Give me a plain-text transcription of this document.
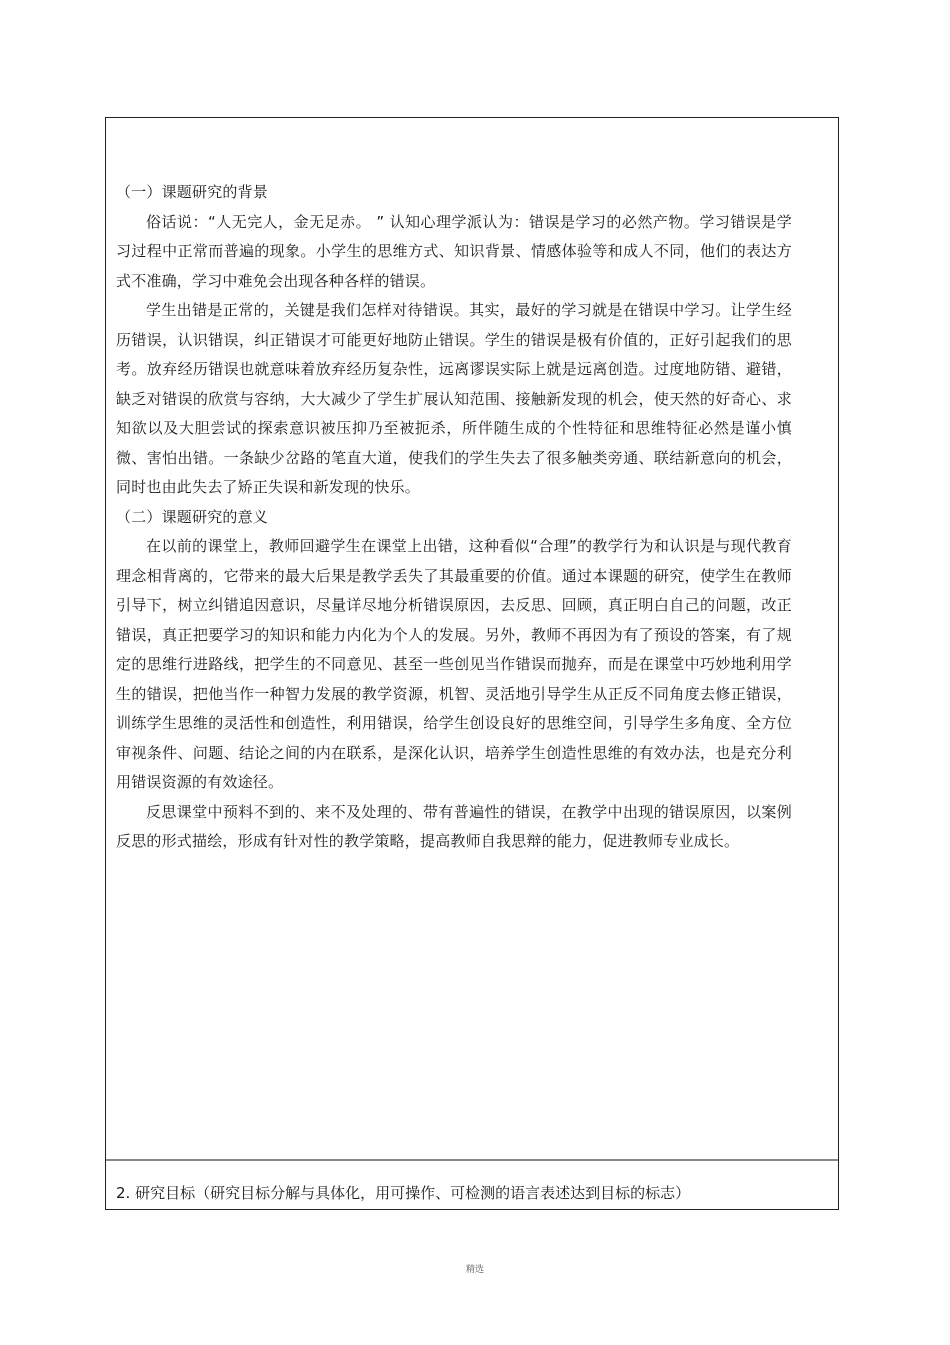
（一）课题研究的背景

俗话说：“人无完人，金无足赤。 ” 认知心理学派认为：错误是学习的必然产物。学习错误是学习过程中正常而普遍的现象。小学生的思维方式、知识背景、情感体验等和成人不同，他们的表达方式不准确，学习中难免会出现各种各样的错误。

学生出错是正常的，关键是我们怎样对待错误。其实，最好的学习就是在错误中学习。让学生经历错误，认识错误，纠正错误才可能更好地防止错误。学生的错误是极有价值的，正好引起我们的思考。放弃经历错误也就意味着放弃经历复杂性，远离谬误实际上就是远离创造。过度地防错、避错，缺乏对错误的欣赏与容纳，大大减少了学生扩展认知范围、接触新发现的机会，使天然的好奇心、求知欲以及大胆尝试的探索意识被压抑乃至被扼杀，所伴随生成的个性特征和思维特征必然是谨小慎微、害怕出错。一条缺少岔路的笔直大道，使我们的学生失去了很多触类旁通、联结新意向的机会，同时也由此失去了矫正失误和新发现的快乐。

（二）课题研究的意义

在以前的课堂上，教师回避学生在课堂上出错，这种看似“合理”的教学行为和认识是与现代教育理念相背离的，它带来的最大后果是教学丢失了其最重要的价值。通过本课题的研究，使学生在教师引导下，树立纠错追因意识，尽量详尽地分析错误原因，去反思、回顾，真正明白自己的问题，改正错误，真正把要学习的知识和能力内化为个人的发展。另外，教师不再因为有了预设的答案，有了规定的思维行进路线，把学生的不同意见、甚至一些创见当作错误而抛弃，而是在课堂中巧妙地利用学生的错误，把他当作一种智力发展的教学资源，机智、灵活地引导学生从正反不同角度去修正错误，训练学生思维的灵活性和创造性，利用错误，给学生创设良好的思维空间，引导学生多角度、全方位审视条件、问题、结论之间的内在联系，是深化认识，培养学生创造性思维的有效办法，也是充分利用错误资源的有效途径。

反思课堂中预料不到的、来不及处理的、带有普遍性的错误，在教学中出现的错误原因，以案例反思的形式描绘，形成有针对性的教学策略，提高教师自我思辩的能力，促进教师专业成长。

2. 研究目标（研究目标分解与具体化，用可操作、可检测的语言表述达到目标的标志）
精选
